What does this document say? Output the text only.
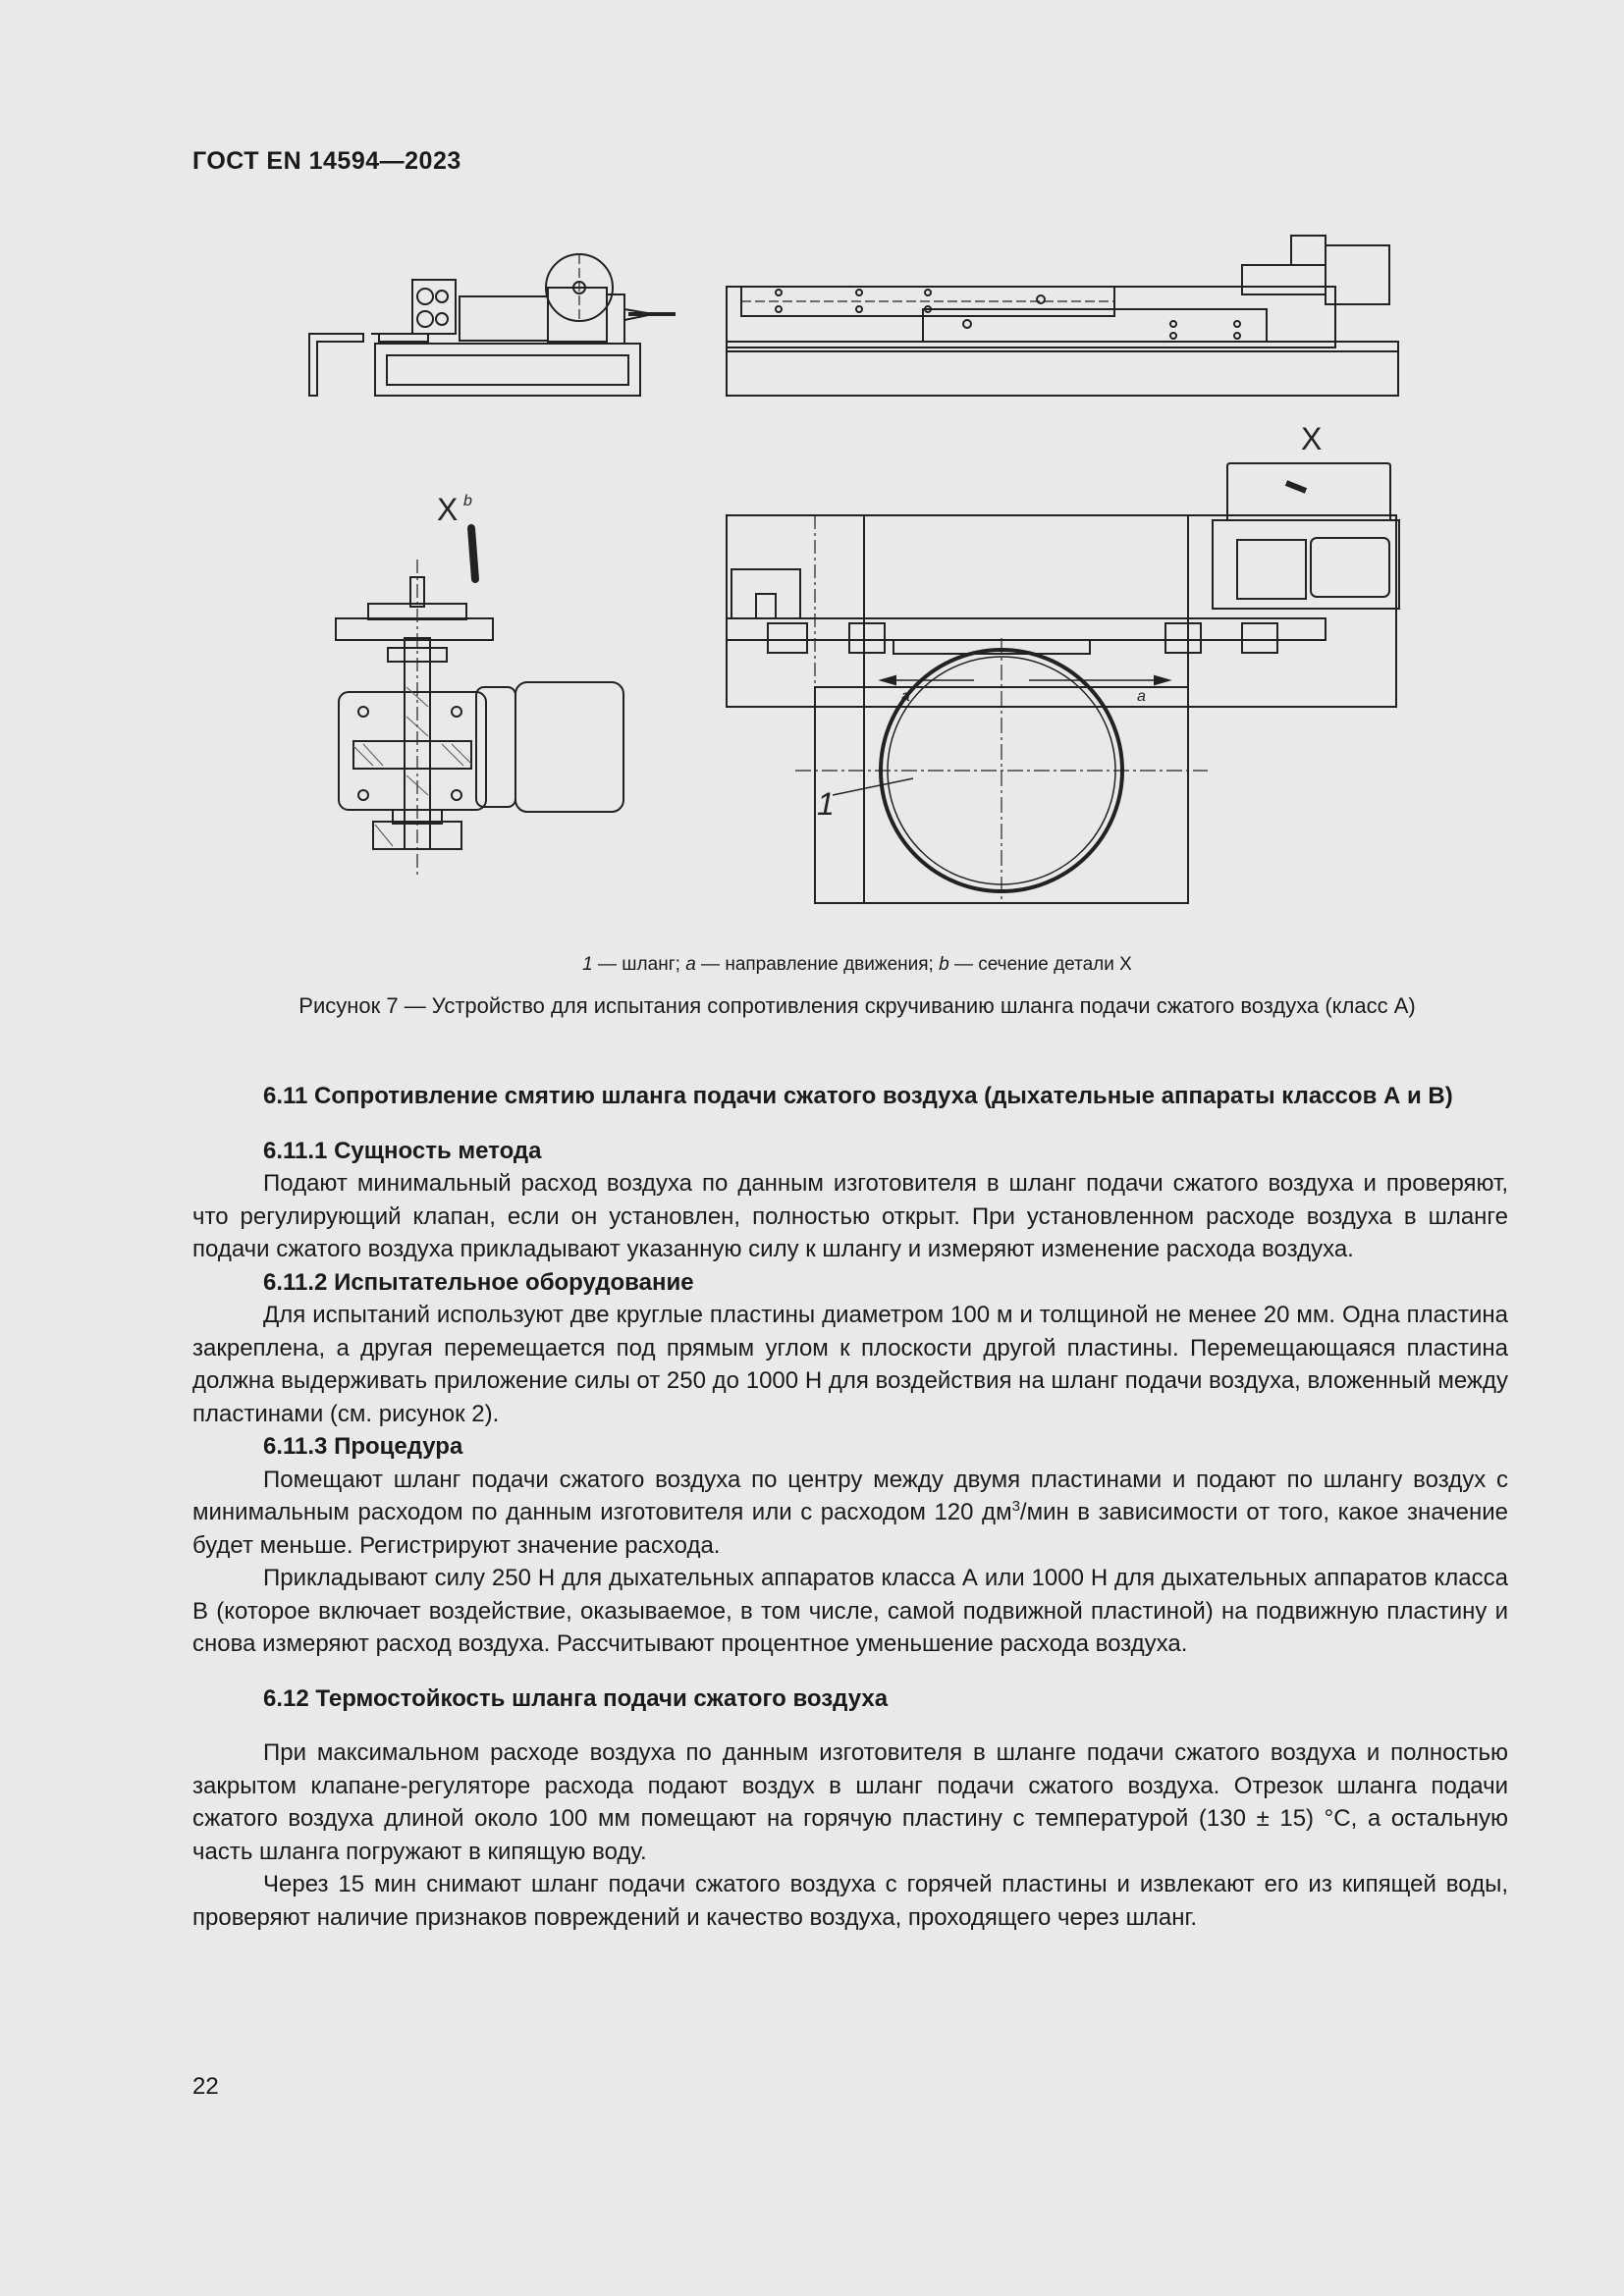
ГОСТ EN 14594—2023
X b
X
a	a
1
1 — шланг; a — направление движения; b — сечение детали X
Рисунок 7 — Устройство для испытания сопротивления скручиванию шланга подачи сжатого воздуха (класс А)

6.11 Сопротивление смятию шланга подачи сжатого воздуха (дыхательные аппараты классов А и В)

6.11.1 Сущность метода

Подают минимальный расход воздуха по данным изготовителя в шланг подачи сжатого воздуха и проверяют, что регулирующий клапан, если он установлен, полностью открыт. При установленном расходе воздуха в шланге подачи сжатого воздуха прикладывают указанную силу к шлангу и измеряют изменение расхода воздуха.

6.11.2 Испытательное оборудование

Для испытаний используют две круглые пластины диаметром 100 м и толщиной не менее 20 мм. Одна пластина закреплена, а другая перемещается под прямым углом к плоскости другой пластины. Перемещающаяся пластина должна выдерживать приложение силы от 250 до 1000 Н для воздействия на шланг подачи воздуха, вложенный между пластинами (см. рисунок 2).

6.11.3 Процедура

Помещают шланг подачи сжатого воздуха по центру между двумя пластинами и подают по шлангу воздух с минимальным расходом по данным изготовителя или с расходом 120 $дм^3$/мин в зависимости от того, какое значение будет меньше. Регистрируют значение расхода.

Прикладывают силу 250 Н для дыхательных аппаратов класса А или 1000 Н для дыхательных аппаратов класса В (которое включает воздействие, оказываемое, в том числе, самой подвижной пластиной) на подвижную пластину и снова измеряют расход воздуха. Рассчитывают процентное уменьшение расхода воздуха.

6.12 Термостойкость шланга подачи сжатого воздуха

При максимальном расходе воздуха по данным изготовителя в шланге подачи сжатого воздуха и полностью закрытом клапане-регуляторе расхода подают воздух в шланг подачи сжатого воздуха. Отрезок шланга подачи сжатого воздуха длиной около 100 мм помещают на горячую пластину с температурой (130 ± 15) °С, а остальную часть шланга погружают в кипящую воду.

Через 15 мин снимают шланг подачи сжатого воздуха с горячей пластины и извлекают его из кипящей воды, проверяют наличие признаков повреждений и качество воздуха, проходящего через шланг.

22
